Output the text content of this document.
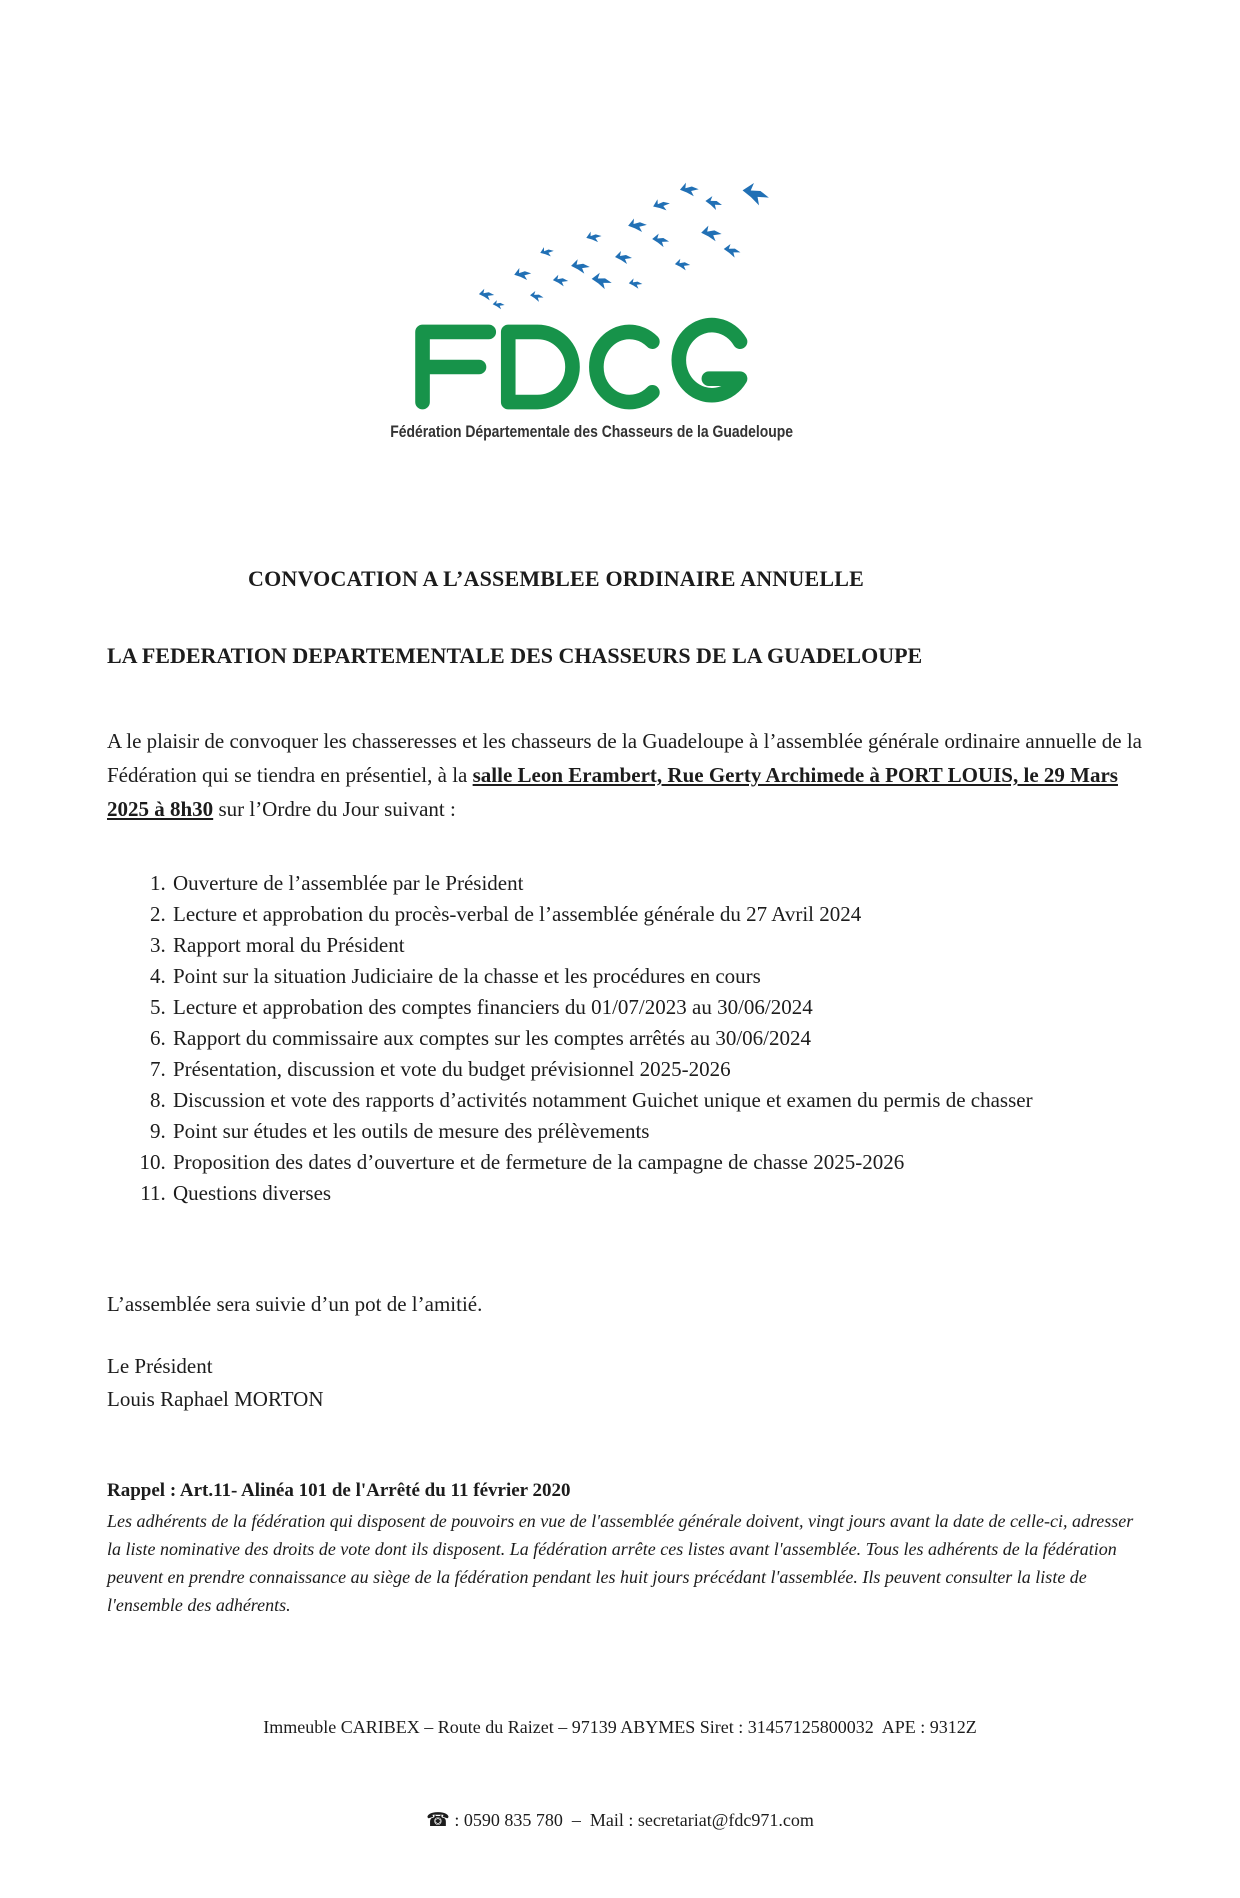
Fédération Départementale des Chasseurs de la Guadeloupe
CONVOCATION A L’ASSEMBLEE ORDINAIRE ANNUELLE
LA FEDERATION DEPARTEMENTALE DES CHASSEURS DE LA GUADELOUPE

A le plaisir de convoquer les chasseresses et les chasseurs de la Guadeloupe à l’assemblée générale ordinaire annuelle de la Fédération qui se tiendra en présentiel, à la salle Leon Erambert, Rue Gerty Archimede à PORT LOUIS, le 29 Mars 2025 à 8h30 sur l’Ordre du Jour suivant :

1. Ouverture de l’assemblée par le Président
2. Lecture et approbation du procès-verbal de l’assemblée générale du 27 Avril 2024
3. Rapport moral du Président
4. Point sur la situation Judiciaire de la chasse et les procédures en cours
5. Lecture et approbation des comptes financiers du 01/07/2023 au 30/06/2024
6. Rapport du commissaire aux comptes sur les comptes arrêtés au 30/06/2024
7. Présentation, discussion et vote du budget prévisionnel 2025-2026
8. Discussion et vote des rapports d’activités notamment Guichet unique et examen du permis de chasser
9. Point sur études et les outils de mesure des prélèvements
10. Proposition des dates d’ouverture et de fermeture de la campagne de chasse 2025-2026
11. Questions diverses
L’assemblée sera suivie d’un pot de l’amitié.
Le Président
Louis Raphael MORTON
Rappel : Art.11- Alinéa 101 de l'Arrêté du 11 février 2020
Les adhérents de la fédération qui disposent de pouvoirs en vue de l'assemblée générale doivent, vingt jours avant la date de celle-ci, adresser la liste nominative des droits de vote dont ils disposent. La fédération arrête ces listes avant l'assemblée. Tous les adhérents de la fédération peuvent en prendre connaissance au siège de la fédération pendant les huit jours précédant l'assemblée. Ils peuvent consulter la liste de l'ensemble des adhérents.

Immeuble CARIBEX – Route du Raizet – 97139 ABYMES Siret : 31457125800032  APE : 9312Z

☎ : 0590 835 780  –  Mail : secretariat@fdc971.com
